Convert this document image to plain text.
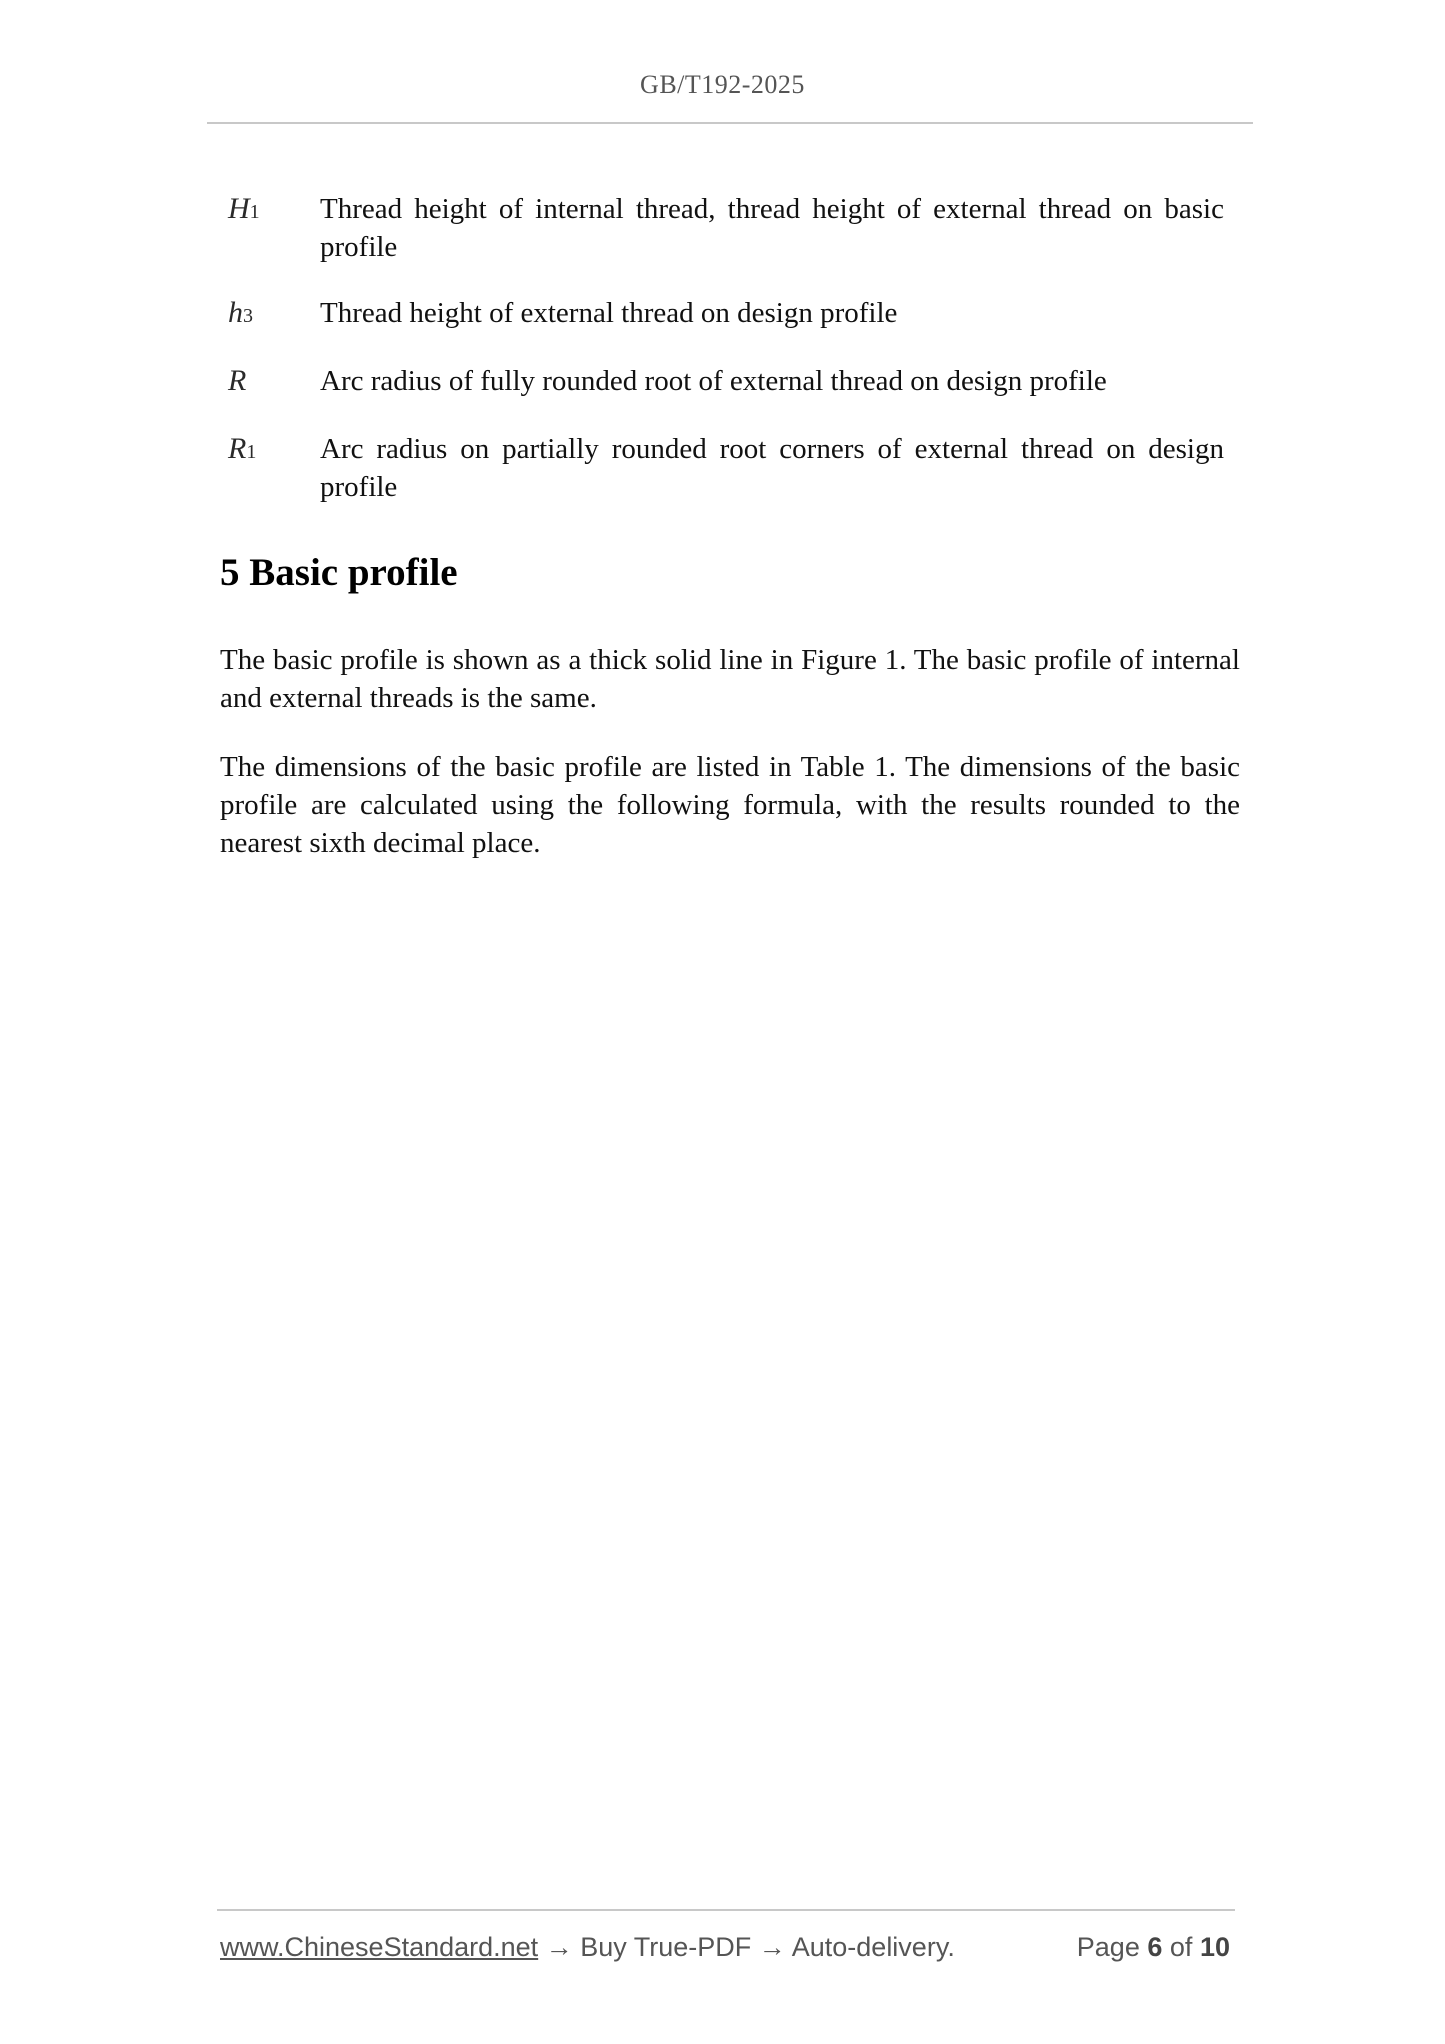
GB/T192-2025
H1	Thread height of internal thread, thread height of external thread on basic profile
h3	Thread height of external thread on design profile
R	Arc radius of fully rounded root of external thread on design profile
R1	Arc radius on partially rounded root corners of external thread on design profile
5 Basic profile
The basic profile is shown as a thick solid line in Figure 1. The basic profile of internal and external threads is the same.
The dimensions of the basic profile are listed in Table 1. The dimensions of the basic profile are calculated using the following formula, with the results rounded to the nearest sixth decimal place.
www.ChineseStandard.net → Buy True-PDF → Auto-delivery.	Page 6 of 10
